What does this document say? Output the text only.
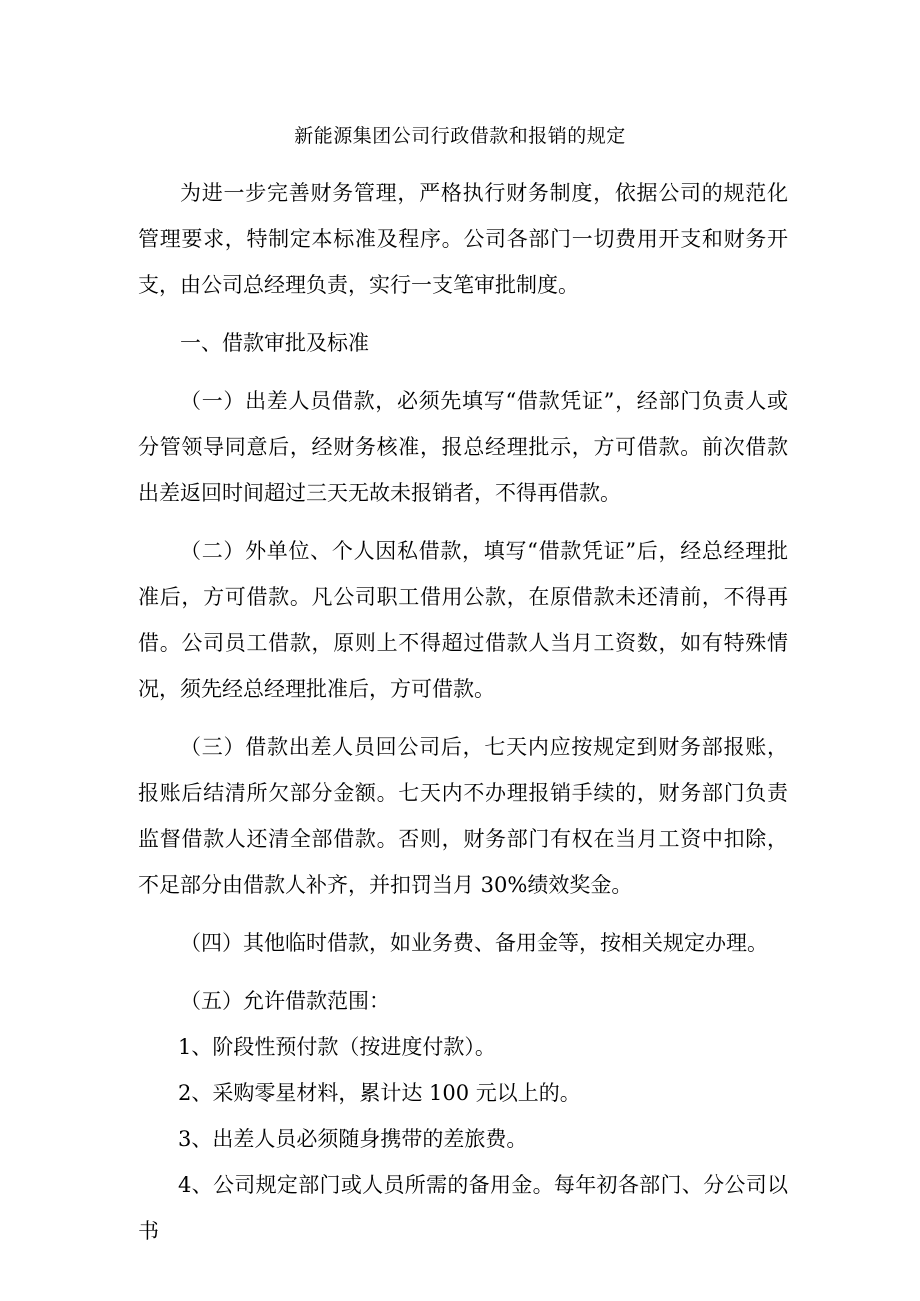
新能源集团公司行政借款和报销的规定

为进一步完善财务管理，严格执行财务制度，依据公司的规范化管理要求，特制定本标准及程序。公司各部门一切费用开支和财务开支，由公司总经理负责，实行一支笔审批制度。

一、借款审批及标准

（一）出差人员借款，必须先填写“借款凭证”，经部门负责人或分管领导同意后，经财务核准，报总经理批示，方可借款。前次借款出差返回时间超过三天无故未报销者，不得再借款。

（二）外单位、个人因私借款，填写“借款凭证”后，经总经理批准后，方可借款。凡公司职工借用公款，在原借款未还清前，不得再借。公司员工借款，原则上不得超过借款人当月工资数，如有特殊情况，须先经总经理批准后，方可借款。

（三）借款出差人员回公司后，七天内应按规定到财务部报账，报账后结清所欠部分金额。七天内不办理报销手续的，财务部门负责监督借款人还清全部借款。否则，财务部门有权在当月工资中扣除，不足部分由借款人补齐，并扣罚当月 30%绩效奖金。

（四）其他临时借款，如业务费、备用金等，按相关规定办理。

（五）允许借款范围：

1、阶段性预付款（按进度付款）。

2、采购零星材料，累计达 100 元以上的。

3、出差人员必须随身携带的差旅费。

4、公司规定部门或人员所需的备用金。每年初各部门、分公司以书
